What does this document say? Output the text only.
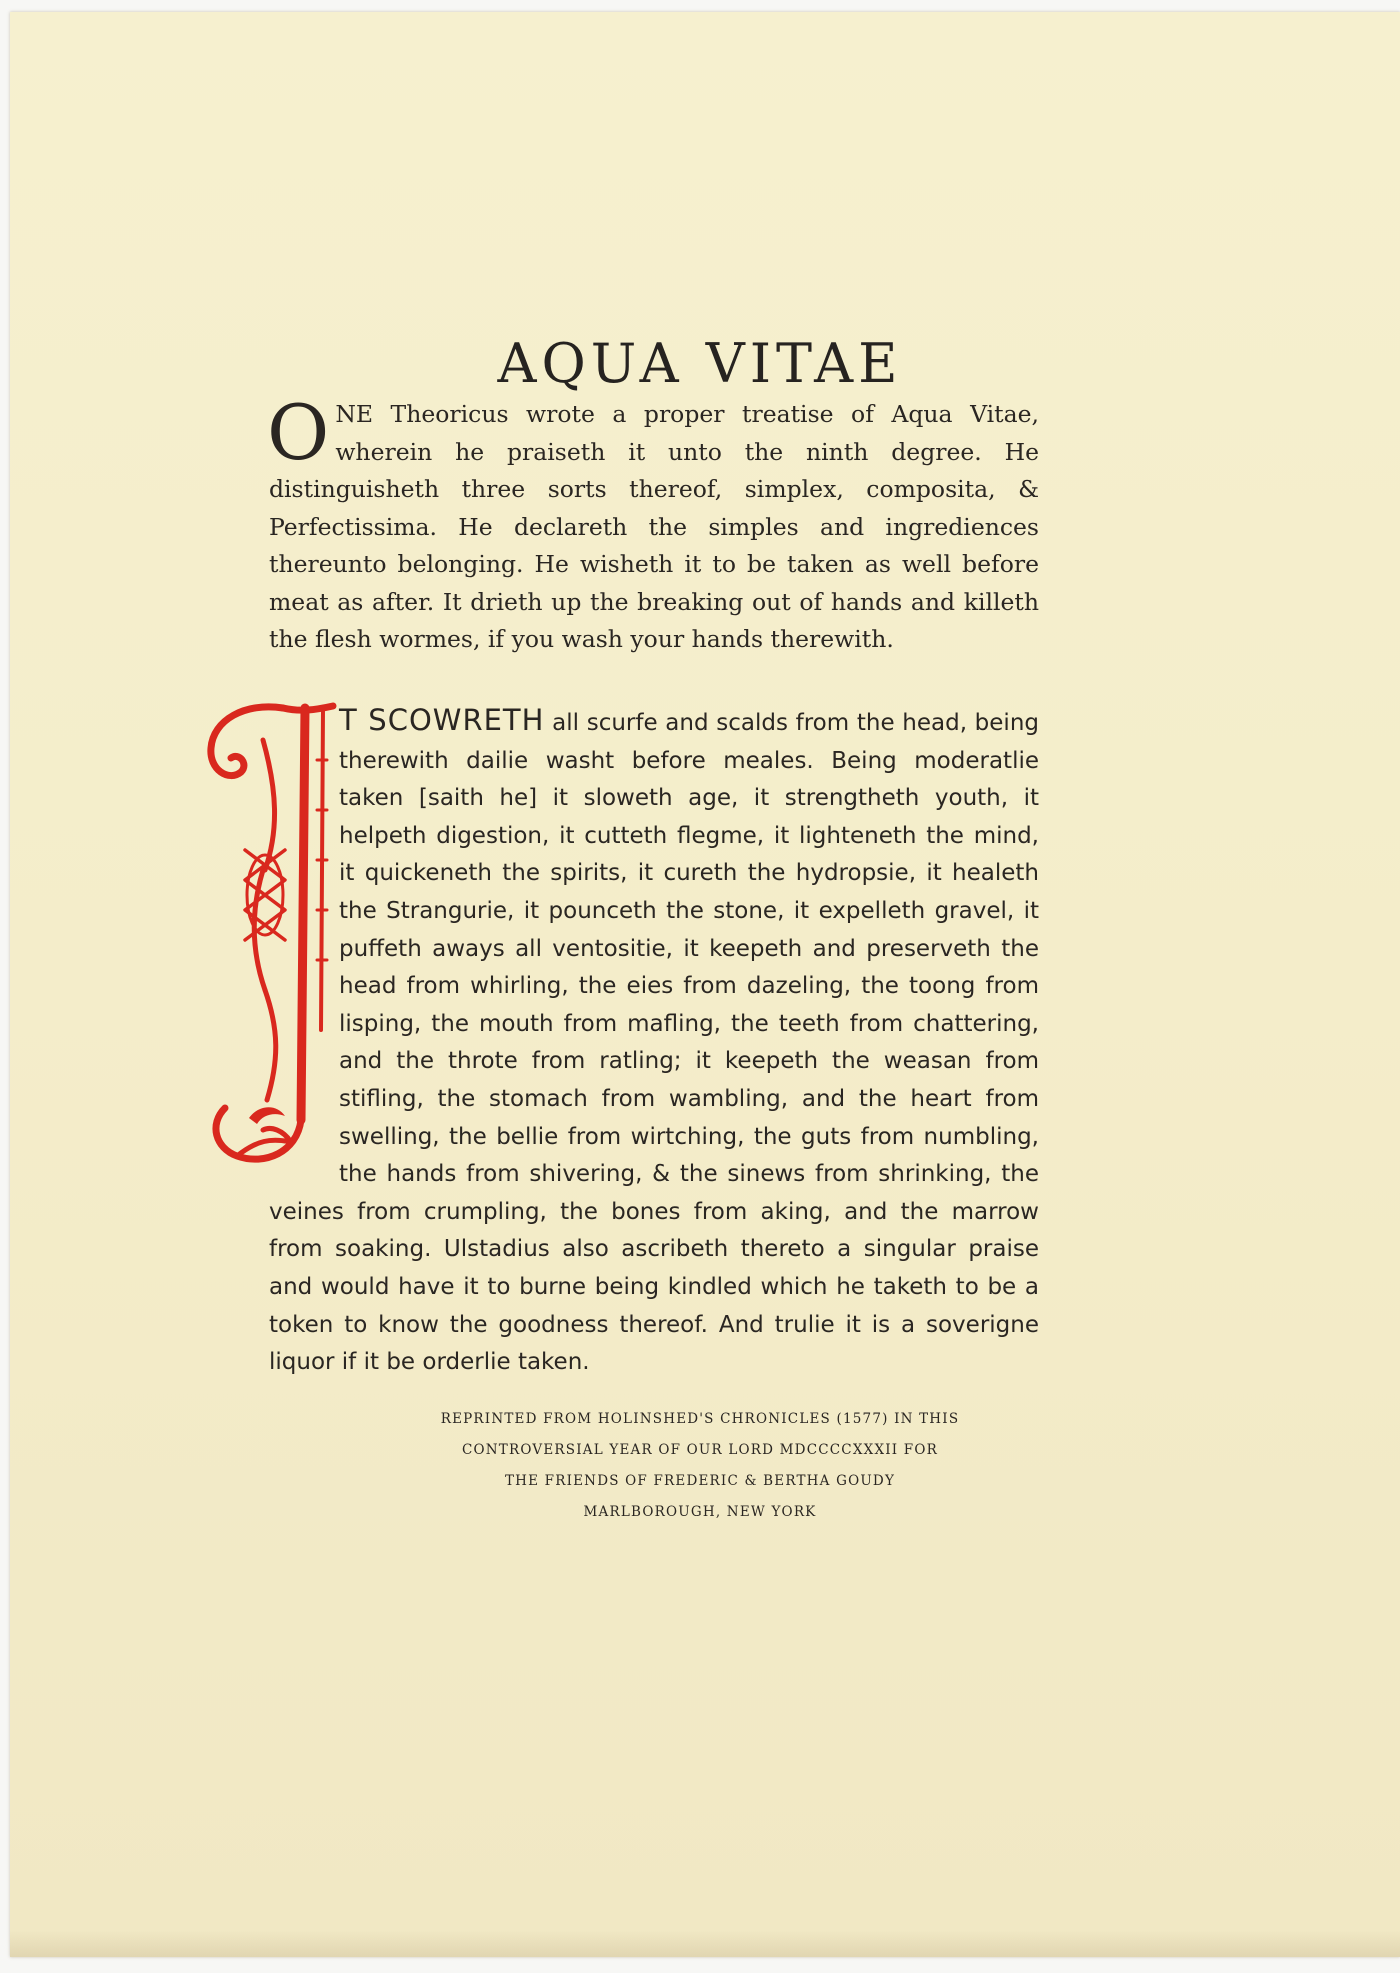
AQUA VITAE
ONE Theoricus wrote a proper treatise of Aqua Vitae, wherein he praiseth it unto the ninth degree. He distinguisheth three sorts thereof, simplex, composita, & Perfectissima. He declareth the simples and ingrediences thereunto belonging. He wisheth it to be taken as well before meat as after. It drieth up the breaking out of hands and killeth the flesh wormes, if you wash your hands therewith.
T SCOWRETH all scurfe and scalds from the head, being therewith dailie washt before meales. Being moderatlie taken [saith he] it sloweth age, it strengtheth youth, it helpeth digestion, it cutteth flegme, it lighteneth the mind, it quickeneth the spirits, it cureth the hydropsie, it healeth the Strangurie, it pounceth the stone, it expelleth gravel, it puffeth aways all ventositie, it keepeth and preserveth the head from whirling, the eies from dazeling, the toong from lisping, the mouth from mafling, the teeth from chattering, and the throte from ratling; it keepeth the weasan from stifling, the stomach from wambling, and the heart from swelling, the bellie from wirtching, the guts from numbling, the hands from shivering, & the sinews from shrinking, the veines from crumpling, the bones from aking, and the marrow from soaking. Ulstadius also ascribeth thereto a singular praise and would have it to burne being kindled which he taketh to be a token to know the goodness thereof. And trulie it is a soverigne liquor if it be orderlie taken.
REPRINTED FROM HOLINSHED'S CHRONICLES (1577) IN THIS
CONTROVERSIAL YEAR OF OUR LORD MDCCCCXXXII FOR
THE FRIENDS OF FREDERIC & BERTHA GOUDY
MARLBOROUGH, NEW YORK
